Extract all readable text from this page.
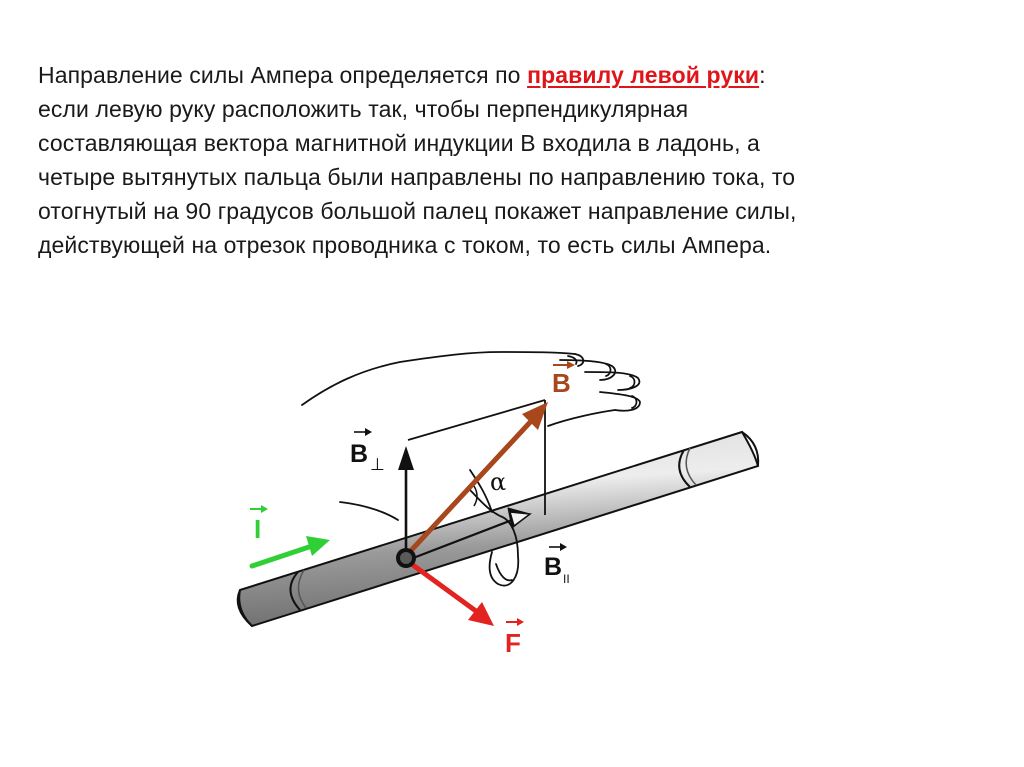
Направление силы Ампера определяется по правилу левой руки:
если левую руку расположить так, чтобы перпендикулярная
составляющая вектора магнитной индукции В входила в ладонь, а
четыре вытянутых пальца были направлены по направлению тока, то
отогнутый на 90 градусов большой палец покажет направление силы,
действующей на отрезок проводника с током, то есть силы Ампера.
B
B ⊥
B II
α
I
F
